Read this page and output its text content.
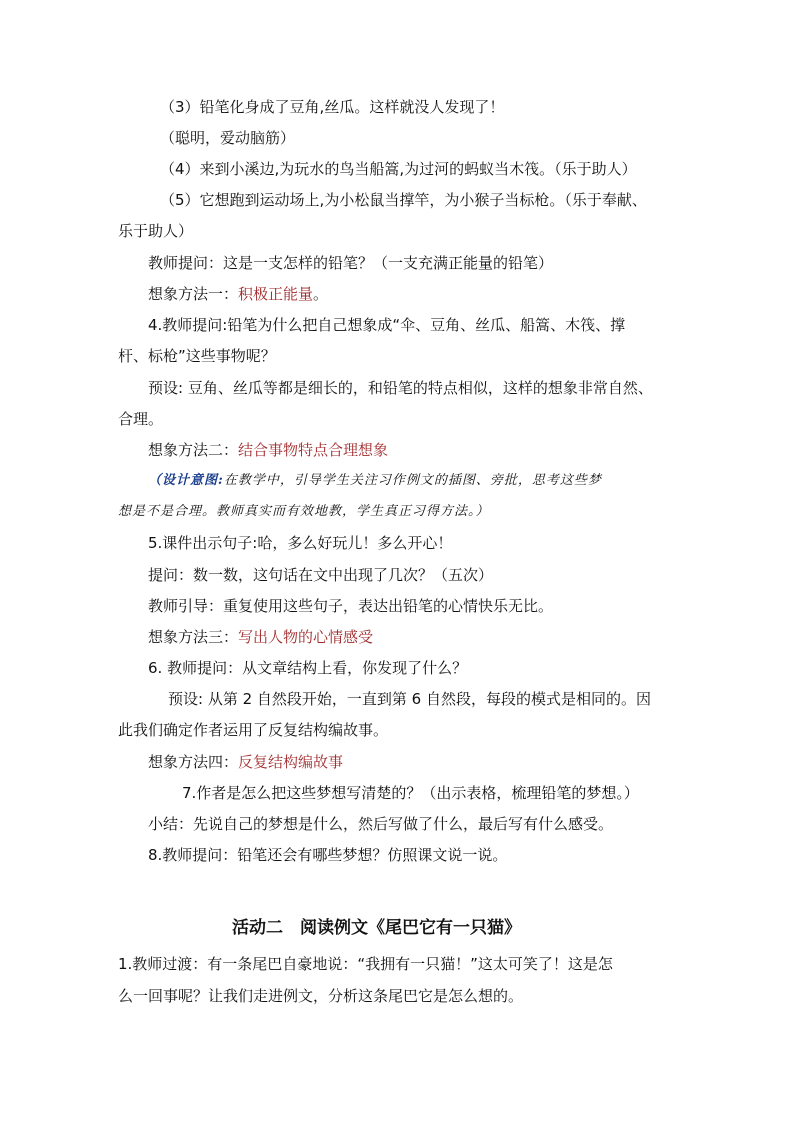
（3）铅笔化身成了豆角,丝瓜。这样就没人发现了！
（聪明，爱动脑筋）
（4）来到小溪边,为玩水的鸟当船篙,为过河的蚂蚁当木筏。（乐于助人）
（5）它想跑到运动场上,为小松鼠当撑竿，为小猴子当标枪。（乐于奉献、
乐于助人）
教师提问：这是一支怎样的铅笔？（一支充满正能量的铅笔）
想象方法一：积极正能量。
4.教师提问:铅笔为什么把自己想象成“伞、豆角、丝瓜、船篙、木筏、撑
杆、标枪”这些事物呢？
预设: 豆角、丝瓜等都是细长的，和铅笔的特点相似，这样的想象非常自然、
合理。
想象方法二：结合事物特点合理想象
（设计意图:在教学中，引导学生关注习作例文的插图、旁批，思考这些梦
想是不是合理。教师真实而有效地教，学生真正习得方法。）
5.课件出示句子:哈，多么好玩儿！多么开心！
提问：数一数，这句话在文中出现了几次？（五次）
教师引导：重复使用这些句子，表达出铅笔的心情快乐无比。
想象方法三：写出人物的心情感受
6. 教师提问：从文章结构上看，你发现了什么？
预设: 从第 2 自然段开始，一直到第 6 自然段，每段的模式是相同的。因
此我们确定作者运用了反复结构编故事。
想象方法四：反复结构编故事
7.作者是怎么把这些梦想写清楚的？（出示表格，梳理铅笔的梦想。）
小结：先说自己的梦想是什么，然后写做了什么，最后写有什么感受。
8.教师提问：铅笔还会有哪些梦想？仿照课文说一说。
活动二　阅读例文《尾巴它有一只猫》
1.教师过渡：有一条尾巴自豪地说：“我拥有一只猫！”这太可笑了！这是怎
么一回事呢？让我们走进例文，分析这条尾巴它是怎么想的。
